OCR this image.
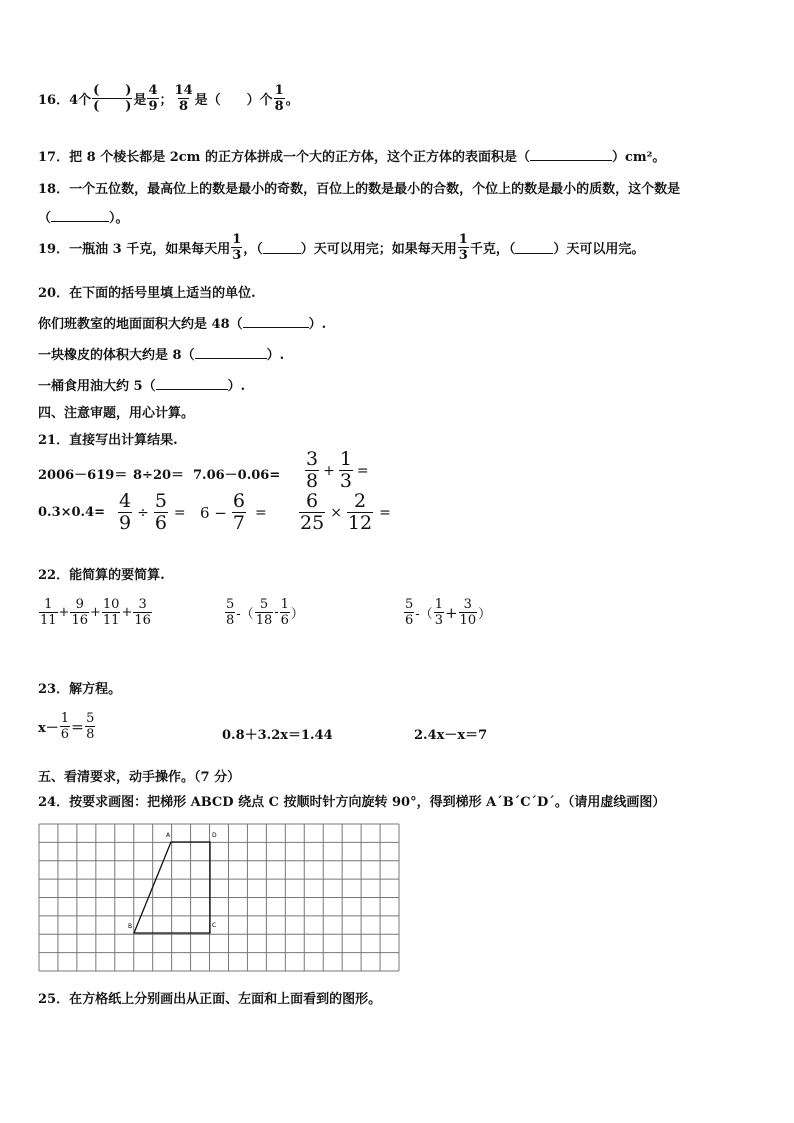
16． 4个 $\frac{( )}{( )}$ 是 $\frac{4}{9}$ ； $\frac{14}{8}$ 是（　　）个 $\frac{1}{8}$ 。
17．把 8 个棱长都是 2cm 的正方体拼成一个大的正方体，这个正方体的表面积是（	）cm²。
18．一个五位数，最高位上的数是最小的奇数，百位上的数是最小的合数，个位上的数是最小的质数，这个数是
（	）。
19．一瓶油 3 千克，如果每天用 $\frac{1}{3}$ ，（	）天可以用完；如果每天用 $\frac{1}{3}$ 千克，（	）天可以用完。
20．在下面的括号里填上适当的单位.
你们班教室的地面面积大约是 48（	）.
一块橡皮的体积大约是 8（	）.
一桶食用油大约 5（	）.
四、注意审题，用心计算。
21．直接写出计算结果.
$2006-619= 8\div 20= 7.06-0.06= \frac{3}{8} + \frac{1}{3}$ =
$0.3\times 0.4= \frac{4}{9} \div \frac{5}{6} = 6 - \frac{6}{7} = \frac{6}{25} \times \frac{2}{12}$ =
22．能简算的要简算.
$\frac{1}{11} + \frac{9}{16} + \frac{10}{11} + \frac{3}{16}$	$\frac{5}{8}$ -（ $\frac{5}{18} - \frac{1}{6}$ ）	$\frac{5}{6}$ -（ $\frac{1}{3} + \frac{3}{10}$ ）
23．解方程。
$x- \frac{1}{6} = \frac{5}{8}$	0.8＋3.2x＝1.44	2.4x－x＝7
五、看清要求，动手操作。（7 分）
24．按要求画图：把梯形 ABCD 绕点 C 按顺时针方向旋转 90°，得到梯形 A´B´C´D´。（请用虚线画图）
B
A	D
C
25．在方格纸上分别画出从正面、左面和上面看到的图形。
